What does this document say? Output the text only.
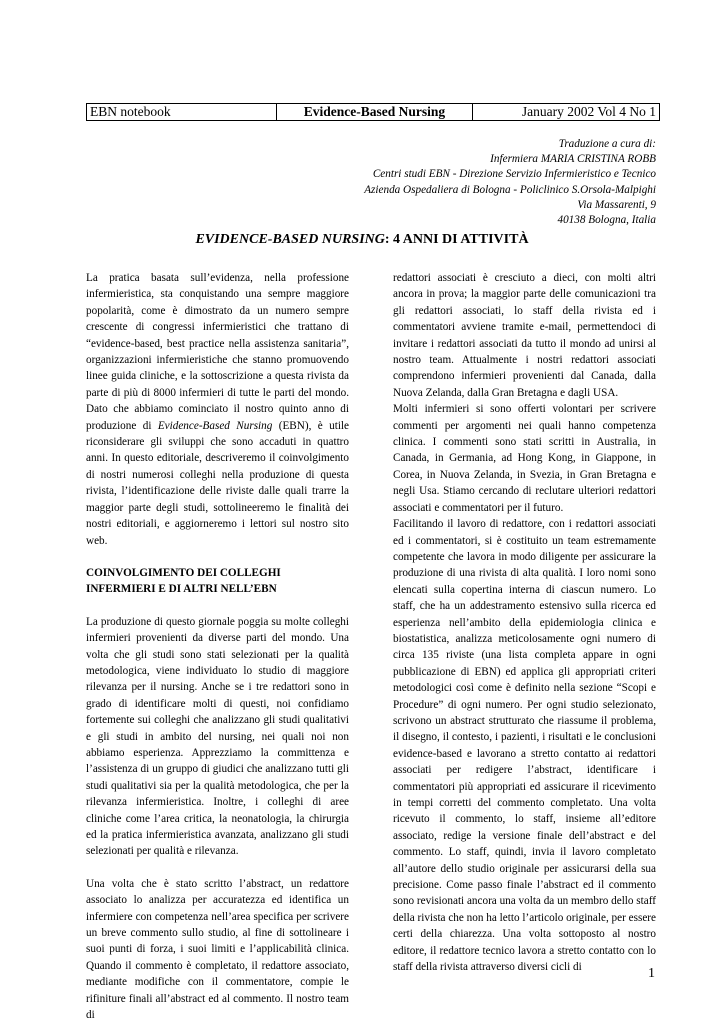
EBN notebook	Evidence-Based Nursing	January 2002 Vol 4 No 1
Traduzione a cura di:
Infermiera MARIA CRISTINA ROBB
Centri studi EBN - Direzione Servizio Infermieristico e Tecnico
Azienda Ospedaliera di Bologna - Policlinico S.Orsola-Malpighi
Via Massarenti, 9
40138 Bologna, Italia
EVIDENCE-BASED NURSING: 4 ANNI DI ATTIVITÀ

La pratica basata sull’evidenza, nella professione infermieristica, sta conquistando una sempre maggiore popolarità, come è dimostrato da un numero sempre crescente di congressi infermieristici che trattano di “evidence-based, best practice nella assistenza sanitaria”, organizzazioni infermieristiche che stanno promuovendo linee guida cliniche, e la sottoscrizione a questa rivista da parte di più di 8000 infermieri di tutte le parti del mondo. Dato che abbiamo cominciato il nostro quinto anno di produzione di Evidence-Based Nursing (EBN), è utile riconsiderare gli sviluppi che sono accaduti in quattro anni. In questo editoriale, descriveremo il coinvolgimento di nostri numerosi colleghi nella produzione di questa rivista, l’identificazione delle riviste dalle quali trarre la maggior parte degli studi, sottolineeremo le finalità dei nostri editoriali, e aggiorneremo i lettori sul nostro sito web.

COINVOLGIMENTO DEI COLLEGHI INFERMIERI E DI ALTRI NELL’EBN

La produzione di questo giornale poggia su molte colleghi infermieri provenienti da diverse parti del mondo. Una volta che gli studi sono stati selezionati per la qualità metodologica, viene individuato lo studio di maggiore rilevanza per il nursing. Anche se i tre redattori sono in grado di identificare molti di questi, noi confidiamo fortemente sui colleghi che analizzano gli studi qualitativi e gli studi in ambito del nursing, nei quali noi non abbiamo esperienza. Apprezziamo la committenza e l’assistenza di un gruppo di giudici che analizzano tutti gli studi qualitativi sia per la qualità metodologica, che per la rilevanza infermieristica. Inoltre, i colleghi di aree cliniche come l’area critica, la neonatologia, la chirurgia ed la pratica infermieristica avanzata, analizzano gli studi selezionati per qualità e rilevanza.

Una volta che è stato scritto l’abstract, un redattore associato lo analizza per accuratezza ed identifica un infermiere con competenza nell’area specifica per scrivere un breve commento sullo studio, al fine di sottolineare i suoi punti di forza, i suoi limiti e l’applicabilità clinica. Quando il commento è completato, il redattore associato, mediante modifiche con il commentatore, compie le rifiniture finali all’abstract ed al commento. Il nostro team di

redattori associati è cresciuto a dieci, con molti altri ancora in prova; la maggior parte delle comunicazioni tra gli redattori associati, lo staff della rivista ed i commentatori avviene tramite e-mail, permettendoci di invitare i redattori associati da tutto il mondo ad unirsi al nostro team. Attualmente i nostri redattori associati comprendono infermieri provenienti dal Canada, dalla Nuova Zelanda, dalla Gran Bretagna e dagli USA.

Molti infermieri si sono offerti volontari per scrivere commenti per argomenti nei quali hanno competenza clinica. I commenti sono stati scritti in Australia, in Canada, in Germania, ad Hong Kong, in Giappone, in Corea, in Nuova Zelanda, in Svezia, in Gran Bretagna e negli Usa. Stiamo cercando di reclutare ulteriori redattori associati e commentatori per il futuro.

Facilitando il lavoro di redattore, con i redattori associati ed i commentatori, si è costituito un team estremamente competente che lavora in modo diligente per assicurare la produzione di una rivista di alta qualità. I loro nomi sono elencati sulla copertina interna di ciascun numero. Lo staff, che ha un addestramento estensivo sulla ricerca ed esperienza nell’ambito della epidemiologia clinica e biostatistica, analizza meticolosamente ogni numero di circa 135 riviste (una lista completa appare in ogni pubblicazione di EBN) ed applica gli appropriati criteri metodologici così come è definito nella sezione “Scopi e Procedure” di ogni numero. Per ogni studio selezionato, scrivono un abstract strutturato che riassume il problema, il disegno, il contesto, i pazienti, i risultati e le conclusioni evidence-based e lavorano a stretto contatto ai redattori associati per redigere l’abstract, identificare i commentatori più appropriati ed assicurare il ricevimento in tempi corretti del commento completato. Una volta ricevuto il commento, lo staff, insieme all’editore associato, redige la versione finale dell’abstract e del commento. Lo staff, quindi, invia il lavoro completato all’autore dello studio originale per assicurarsi della sua precisione. Come passo finale l’abstract ed il commento sono revisionati ancora una volta da un membro dello staff della rivista che non ha letto l’articolo originale, per essere certi della chiarezza. Una volta sottoposto al nostro editore, il redattore tecnico lavora a stretto contatto con lo staff della rivista attraverso diversi cicli di	1
